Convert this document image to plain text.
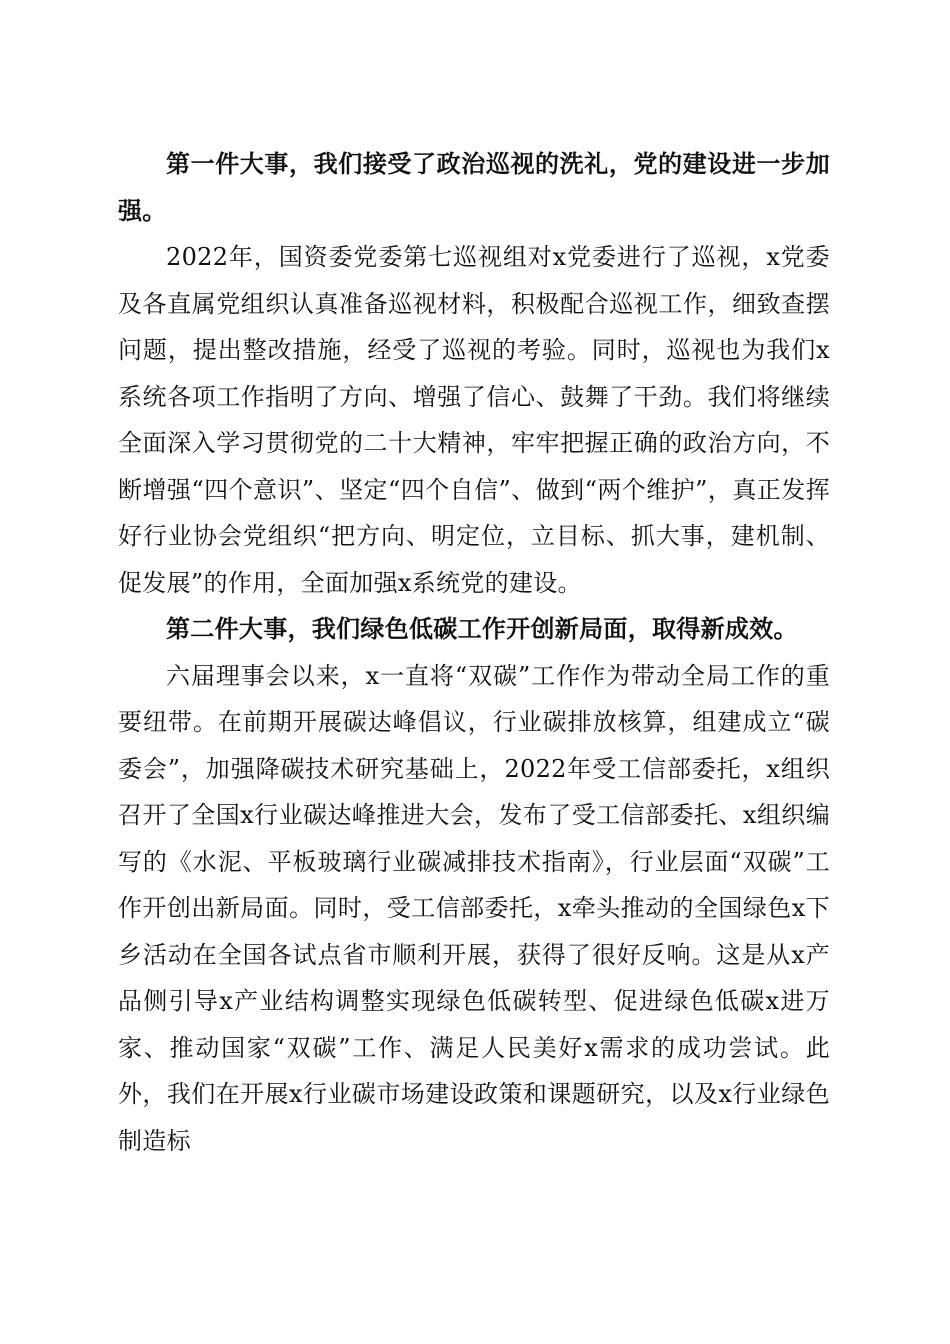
第一件大事，我们接受了政治巡视的洗礼，党的建设进一步加强。

2022年，国资委党委第七巡视组对x党委进行了巡视，x党委及各直属党组织认真准备巡视材料，积极配合巡视工作，细致查摆问题，提出整改措施，经受了巡视的考验。同时，巡视也为我们x系统各项工作指明了方向、增强了信心、鼓舞了干劲。我们将继续全面深入学习贯彻党的二十大精神，牢牢把握正确的政治方向，不断增强“四个意识”、坚定“四个自信”、做到“两个维护”，真正发挥好行业协会党组织“把方向、明定位，立目标、抓大事，建机制、促发展”的作用，全面加强x系统党的建设。

第二件大事，我们绿色低碳工作开创新局面，取得新成效。

六届理事会以来，x一直将“双碳”工作作为带动全局工作的重要纽带。在前期开展碳达峰倡议，行业碳排放核算，组建成立“碳委会”，加强降碳技术研究基础上，2022年受工信部委托，x组织召开了全国x行业碳达峰推进大会，发布了受工信部委托、x组织编写的《水泥、平板玻璃行业碳减排技术指南》，行业层面“双碳”工作开创出新局面。同时，受工信部委托，x牵头推动的全国绿色x下乡活动在全国各试点省市顺利开展，获得了很好反响。这是从x产品侧引导x产业结构调整实现绿色低碳转型、促进绿色低碳x进万家、推动国家“双碳”工作、满足人民美好x需求的成功尝试。此外，我们在开展x行业碳市场建设政策和课题研究，以及x行业绿色制造标
